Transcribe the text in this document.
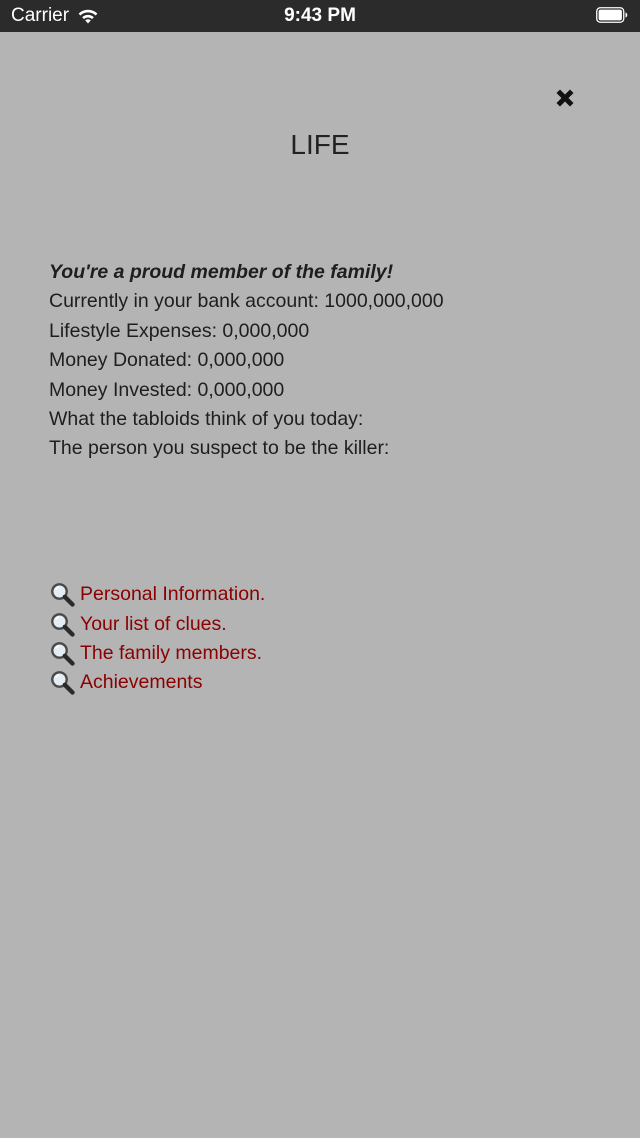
Carrier	9:43 PM
LIFE
You're a proud member of the family!
Currently in your bank account: 1000,000,000
Lifestyle Expenses: 0,000,000
Money Donated: 0,000,000
Money Invested: 0,000,000
What the tabloids think of you today:
The person you suspect to be the killer:
Personal Information.
Your list of clues.
The family members.
Achievements
